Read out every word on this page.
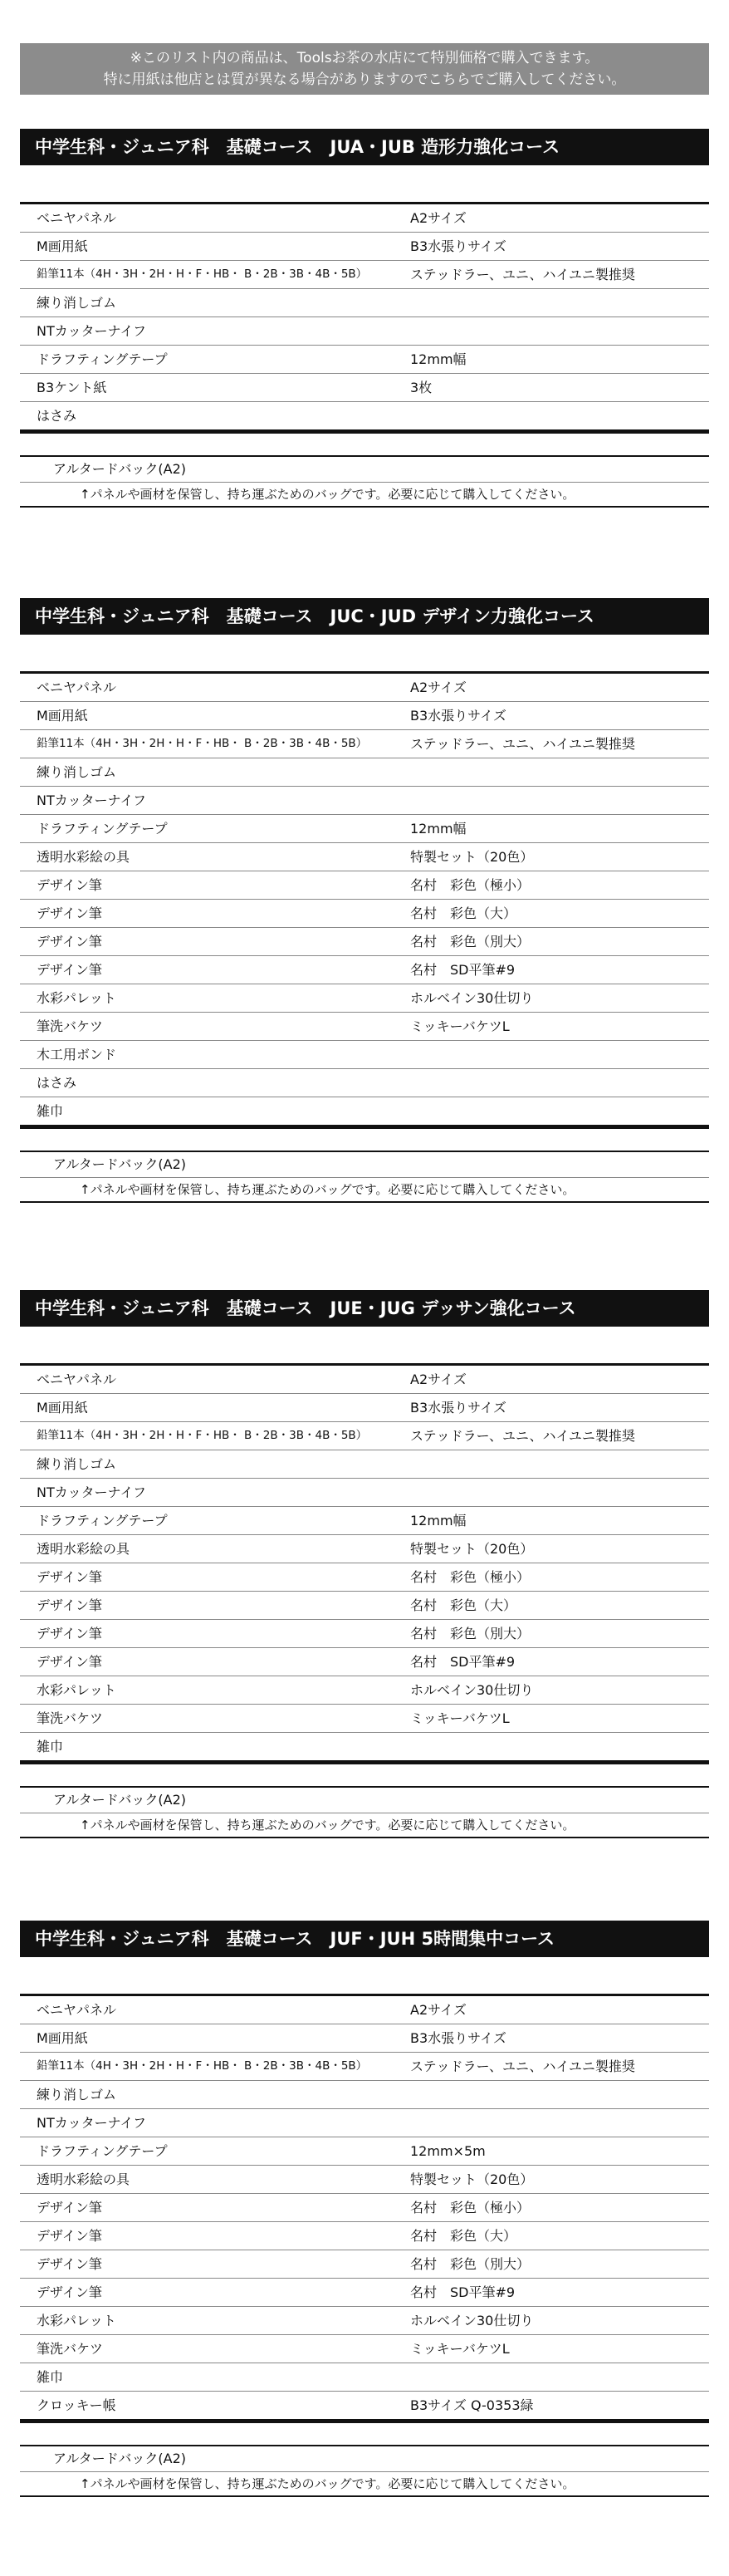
※このリスト内の商品は、Toolsお茶の水店にて特別価格で購入できます。
特に用紙は他店とは質が異なる場合がありますのでこちらでご購入してください。
中学生科・ジュニア科　基礎コース　JUA・JUB 造形力強化コース
ベニヤパネル	A2サイズ
M画用紙	B3水張りサイズ
鉛筆11本（4H・3H・2H・H・F・HB・ B・2B・3B・4B・5B）	ステッドラー、ユニ、ハイユニ製推奨
練り消しゴム
NTカッターナイフ
ドラフティングテープ	12mm幅
B3ケント紙	3枚
はさみ
アルタードバック(A2)
↑パネルや画材を保管し、持ち運ぶためのバッグです。必要に応じて購入してください。
中学生科・ジュニア科　基礎コース　JUC・JUD デザイン力強化コース
ベニヤパネル	A2サイズ
M画用紙	B3水張りサイズ
鉛筆11本（4H・3H・2H・H・F・HB・ B・2B・3B・4B・5B）	ステッドラー、ユニ、ハイユニ製推奨
練り消しゴム
NTカッターナイフ
ドラフティングテープ	12mm幅
透明水彩絵の具	特製セット（20色）
デザイン筆	名村　彩色（極小）
デザイン筆	名村　彩色（大）
デザイン筆	名村　彩色（別大）
デザイン筆	名村　SD平筆#9
水彩パレット	ホルベイン30仕切り
筆洗バケツ	ミッキーバケツL
木工用ボンド
はさみ
雑巾
アルタードバック(A2)
↑パネルや画材を保管し、持ち運ぶためのバッグです。必要に応じて購入してください。
中学生科・ジュニア科　基礎コース　JUE・JUG デッサン強化コース
ベニヤパネル	A2サイズ
M画用紙	B3水張りサイズ
鉛筆11本（4H・3H・2H・H・F・HB・ B・2B・3B・4B・5B）	ステッドラー、ユニ、ハイユニ製推奨
練り消しゴム
NTカッターナイフ
ドラフティングテープ	12mm幅
透明水彩絵の具	特製セット（20色）
デザイン筆	名村　彩色（極小）
デザイン筆	名村　彩色（大）
デザイン筆	名村　彩色（別大）
デザイン筆	名村　SD平筆#9
水彩パレット	ホルベイン30仕切り
筆洗バケツ	ミッキーバケツL
雑巾
アルタードバック(A2)
↑パネルや画材を保管し、持ち運ぶためのバッグです。必要に応じて購入してください。
中学生科・ジュニア科　基礎コース　JUF・JUH 5時間集中コース
ベニヤパネル	A2サイズ
M画用紙	B3水張りサイズ
鉛筆11本（4H・3H・2H・H・F・HB・ B・2B・3B・4B・5B）	ステッドラー、ユニ、ハイユニ製推奨
練り消しゴム
NTカッターナイフ
ドラフティングテープ	12mm×5m
透明水彩絵の具	特製セット（20色）
デザイン筆	名村　彩色（極小）
デザイン筆	名村　彩色（大）
デザイン筆	名村　彩色（別大）
デザイン筆	名村　SD平筆#9
水彩パレット	ホルベイン30仕切り
筆洗バケツ	ミッキーバケツL
雑巾
クロッキー帳	B3サイズ Q-0353緑
アルタードバック(A2)
↑パネルや画材を保管し、持ち運ぶためのバッグです。必要に応じて購入してください。
